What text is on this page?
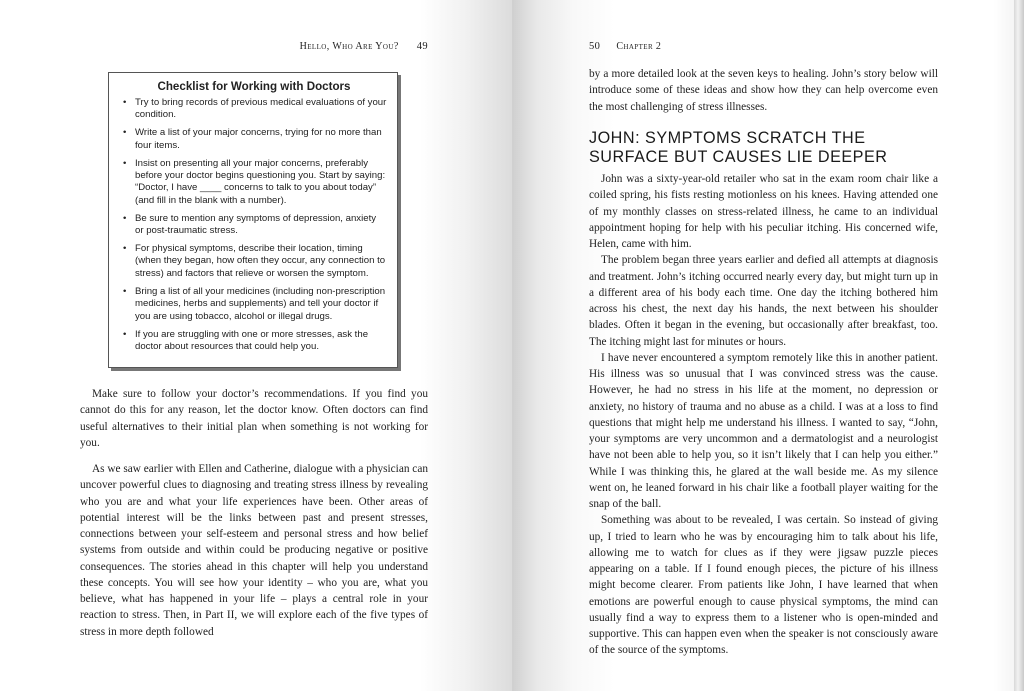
Hello, Who Are You? 49
Checklist for Working with Doctors
• Try to bring records of previous medical evaluations of your condition.
• Write a list of your major concerns, trying for no more than four items.
• Insist on presenting all your major concerns, preferably before your doctor begins questioning you. Start by saying: “Doctor, I have ____ concerns to talk to you about today” (and fill in the blank with a number).
• Be sure to mention any symptoms of depression, anxiety or post-traumatic stress.
• For physical symptoms, describe their location, timing (when they began, how often they occur, any connection to stress) and factors that relieve or worsen the symptom.
• Bring a list of all your medicines (including non-prescription medicines, herbs and supplements) and tell your doctor if you are using tobacco, alcohol or illegal drugs.
• If you are struggling with one or more stresses, ask the doctor about resources that could help you.

Make sure to follow your doctor’s recommendations. If you find you cannot do this for any reason, let the doctor know. Often doctors can find useful alternatives to their initial plan when something is not working for you.

As we saw earlier with Ellen and Catherine, dialogue with a physician can uncover powerful clues to diagnosing and treating stress illness by revealing who you are and what your life experiences have been. Other areas of potential interest will be the links between past and present stresses, connections between your self-esteem and personal stress and how belief systems from outside and within could be producing negative or positive consequences. The stories ahead in this chapter will help you understand these concepts. You will see how your identity – who you are, what you believe, what has happened in your life – plays a central role in your reaction to stress. Then, in Part II, we will explore each of the five types of stress in more depth followed

50 Chapter 2

by a more detailed look at the seven keys to healing. John’s story below will introduce some of these ideas and show how they can help overcome even the most challenging of stress illnesses.

JOHN: SYMPTOMS SCRATCH THE SURFACE BUT CAUSES LIE DEEPER

John was a sixty-year-old retailer who sat in the exam room chair like a coiled spring, his fists resting motionless on his knees. Having attended one of my monthly classes on stress-related illness, he came to an individual appointment hoping for help with his peculiar itching. His concerned wife, Helen, came with him.

The problem began three years earlier and defied all attempts at diagnosis and treatment. John’s itching occurred nearly every day, but might turn up in a different area of his body each time. One day the itching bothered him across his chest, the next day his hands, the next between his shoulder blades. Often it began in the evening, but occasionally after breakfast, too. The itching might last for minutes or hours.

I have never encountered a symptom remotely like this in another patient. His illness was so unusual that I was convinced stress was the cause. However, he had no stress in his life at the moment, no depression or anxiety, no history of trauma and no abuse as a child. I was at a loss to find questions that might help me understand his illness. I wanted to say, “John, your symptoms are very uncommon and a dermatologist and a neurologist have not been able to help you, so it isn’t likely that I can help you either.” While I was thinking this, he glared at the wall beside me. As my silence went on, he leaned forward in his chair like a football player waiting for the snap of the ball.

Something was about to be revealed, I was certain. So instead of giving up, I tried to learn who he was by encouraging him to talk about his life, allowing me to watch for clues as if they were jigsaw puzzle pieces appearing on a table. If I found enough pieces, the picture of his illness might become clearer. From patients like John, I have learned that when emotions are powerful enough to cause physical symptoms, the mind can usually find a way to express them to a listener who is open-minded and supportive. This can happen even when the speaker is not consciously aware of the source of the symptoms.
